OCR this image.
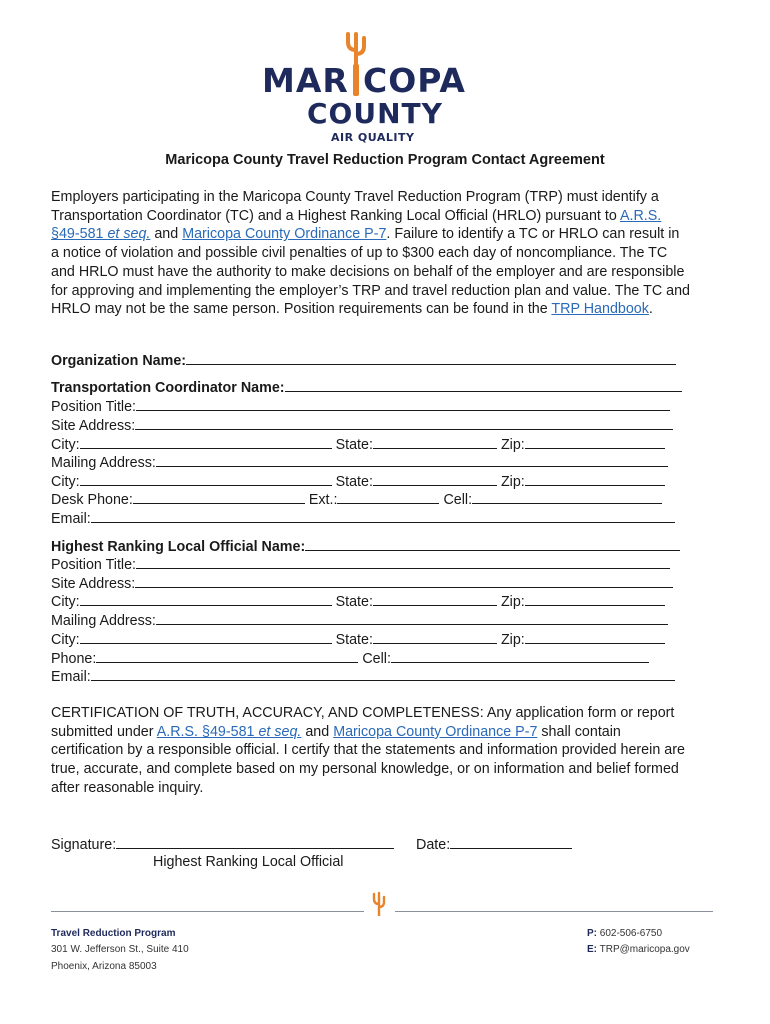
MAR COPA
COUNTY
AIR QUALITY
Maricopa County Travel Reduction Program Contact Agreement
Employers participating in the Maricopa County Travel Reduction Program (TRP) must identify a Transportation Coordinator (TC) and a Highest Ranking Local Official (HRLO) pursuant to A.R.S. §49-581 et seq. and Maricopa County Ordinance P-7. Failure to identify a TC or HRLO can result in a notice of violation and possible civil penalties of up to $300 each day of noncompliance. The TC and HRLO must have the authority to make decisions on behalf of the employer and are responsible for approving and implementing the employer’s TRP and travel reduction plan and value. The TC and HRLO may not be the same person. Position requirements can be found in the TRP Handbook.
Organization Name:
Transportation Coordinator Name:
Position Title:
Site Address:
City:	State:	Zip:
Mailing Address:
City:	State:	Zip:
Desk Phone:	Ext.:	Cell:
Email:
Highest Ranking Local Official Name:
Position Title:
Site Address:
City:	State:	Zip:
Mailing Address:
City:	State:	Zip:
Phone:	Cell:
Email:
CERTIFICATION OF TRUTH, ACCURACY, AND COMPLETENESS: Any application form or report submitted under A.R.S. §49-581 et seq. and Maricopa County Ordinance P-7 shall contain certification by a responsible official. I certify that the statements and information provided herein are true, accurate, and complete based on my personal knowledge, or on information and belief formed after reasonable inquiry.
Signature:	Date:
Highest Ranking Local Official
Travel Reduction Program
301 W. Jefferson St., Suite 410
Phoenix, Arizona 85003
P: 602-506-6750
E: TRP@maricopa.gov
